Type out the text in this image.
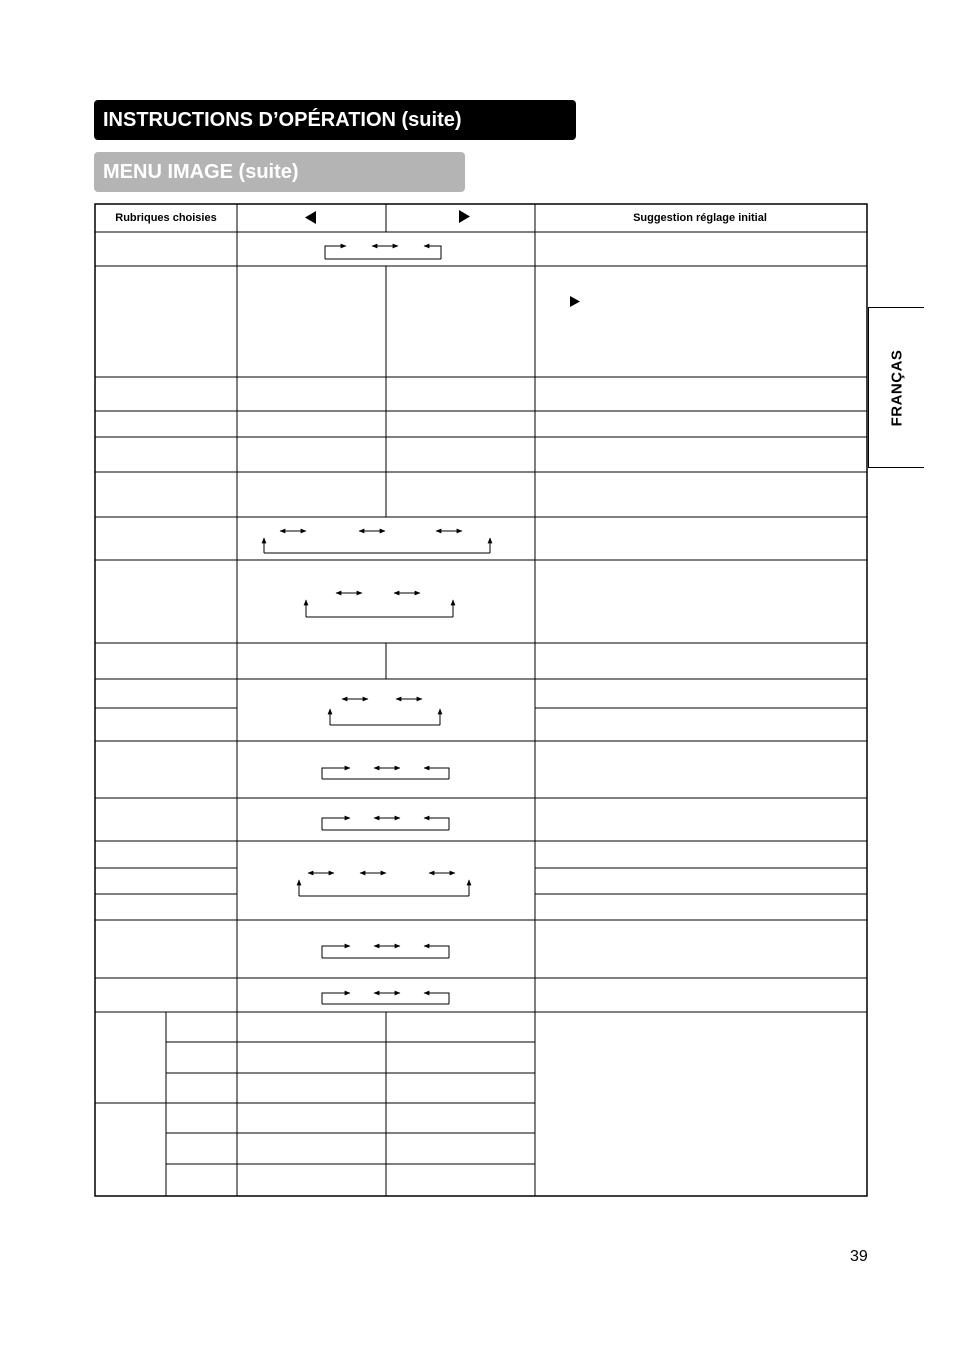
INSTRUCTIONS D’OPÉRATION (suite)
MENU IMAGE (suite)
FRANÇAS
Rubriques choisies	Suggestion réglage initial
39
